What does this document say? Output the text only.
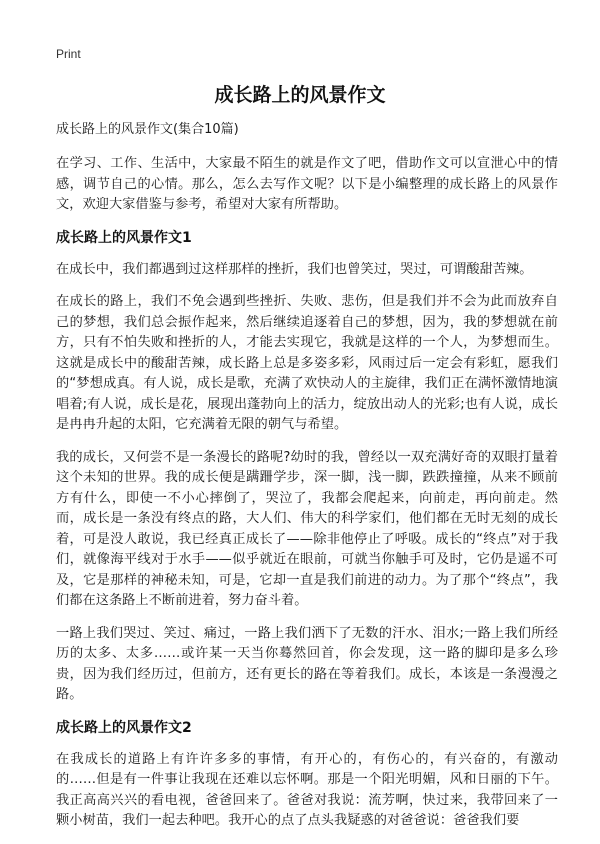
Print
成长路上的风景作文
成长路上的风景作文(集合10篇)

在学习、工作、生活中，大家最不陌生的就是作文了吧，借助作文可以宣泄心中的情感，调节自己的心情。那么，怎么去写作文呢？以下是小编整理的成长路上的风景作文，欢迎大家借鉴与参考，希望对大家有所帮助。

成长路上的风景作文1

在成长中，我们都遇到过这样那样的挫折，我们也曾笑过，哭过，可谓酸甜苦辣。

在成长的路上，我们不免会遇到些挫折、失败、悲伤，但是我们并不会为此而放弃自己的梦想，我们总会振作起来，然后继续追逐着自己的梦想，因为，我的梦想就在前方，只有不怕失败和挫折的人，才能去实现它，我就是这样的一个人，为梦想而生。这就是成长中的酸甜苦辣，成长路上总是多姿多彩，风雨过后一定会有彩虹，愿我们的“梦想成真。有人说，成长是歌，充满了欢快动人的主旋律，我们正在满怀激情地演唱着;有人说，成长是花，展现出蓬勃向上的活力，绽放出动人的光彩;也有人说，成长是冉冉升起的太阳，它充满着无限的朝气与希望。

我的成长，又何尝不是一条漫长的路呢?幼时的我，曾经以一双充满好奇的双眼打量着这个未知的世界。我的成长便是蹒跚学步，深一脚，浅一脚，跌跌撞撞，从来不顾前方有什么，即使一不小心摔倒了，哭泣了，我都会爬起来，向前走，再向前走。然而，成长是一条没有终点的路，大人们、伟大的科学家们，他们都在无时无刻的成长着，可是没人敢说，我已经真正成长了——除非他停止了呼吸。成长的“终点”对于我们，就像海平线对于水手——似乎就近在眼前，可就当你触手可及时，它仍是遥不可及，它是那样的神秘未知，可是，它却一直是我们前进的动力。为了那个“终点”，我们都在这条路上不断前进着，努力奋斗着。

一路上我们哭过、笑过、痛过，一路上我们洒下了无数的汗水、泪水;一路上我们所经历的太多、太多……或许某一天当你蓦然回首，你会发现，这一路的脚印是多么珍贵，因为我们经历过，但前方，还有更长的路在等着我们。成长，本该是一条漫漫之路。

成长路上的风景作文2

在我成长的道路上有许许多多的事情，有开心的，有伤心的，有兴奋的，有激动的……但是有一件事让我现在还难以忘怀啊。那是一个阳光明媚，风和日丽的下午。我正高高兴兴的看电视，爸爸回来了。爸爸对我说：流芳啊，快过来，我带回来了一颗小树苗，我们一起去种吧。我开心的点了点头我疑惑的对爸爸说：爸爸我们要
